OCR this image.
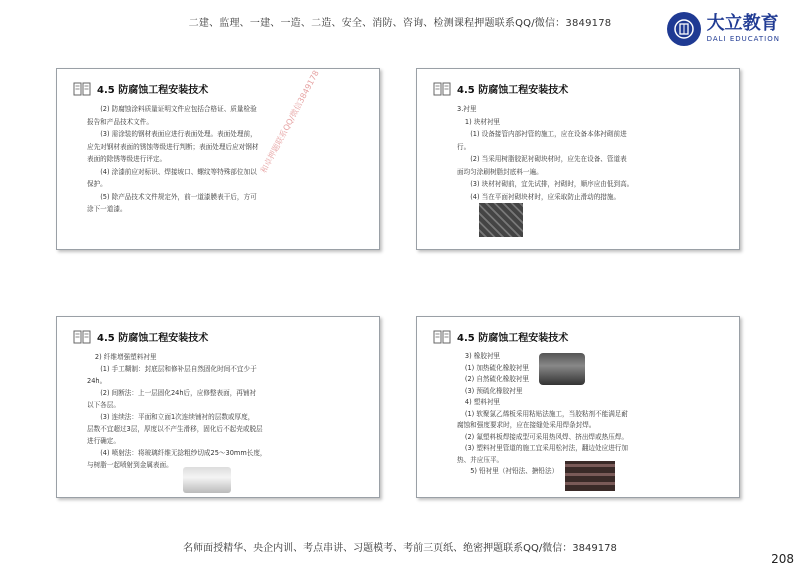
二建、监理、一建、一造、二造、安全、消防、咨询、检测课程押题联系QQ/微信：3849178	大立教育
DALI EDUCATION
4.5 防腐蚀工程安装技术

(2) 防腐蚀涂料质量证明文件应包括合格证、质量检验

报告和产品技术文件。

(3) 需涂装的钢材表面应进行表面处理。表面处理前，

应先对钢材表面的锈蚀等级进行判断；表面处理后应对钢材

表面的除锈等级进行评定。

(4) 涂漆前应对标识、焊接坡口、螺纹等特殊部位加以

保护。

(5) 除产品技术文件规定外，前一道漆膜表干后，方可

涂下一道漆。

4.5 防腐蚀工程安装技术

3.衬里

1) 块材衬里

(1) 设备接管内部衬管的施工，应在设备本体衬砌前进

行。

(2) 当采用树脂胶泥衬砌块材时，应先在设备、管道表

面均匀涂刷树脂封底料一遍。

(3) 块材衬砌前，宜先试排，衬砌时，顺序应由低到高。

(4) 当在平面衬砌块材时，应采取防止滑动的措施。

4.5 防腐蚀工程安装技术

2) 纤维增强塑料衬里

(1) 手工糊制：封底层和修补层自然固化时间不宜少于

24h。

(2) 间断法：上一层固化24h后，应修整表面，再铺衬

以下各层。

(3) 连续法：平面和立面1次连续铺衬的层数或厚度，

层数不宜超过3层，厚度以不产生滑移，固化后不起壳或脱层

进行确定。

(4) 喷射法：将玻璃纤维无捻粗纱切成25～30mm长度，

与树脂一起喷射到金属表面。

4.5 防腐蚀工程安装技术

3) 橡胶衬里

(1) 加热硫化橡胶衬里

(2) 自然硫化橡胶衬里

(3) 预硫化橡胶衬里

4) 塑料衬里

(1) 软聚氯乙烯板采用粘贴法施工，当胶粘剂不能满足耐

腐蚀和强度要求时，应在接缝处采用焊条封焊。

(2) 氟塑料板焊接成型可采用热风焊、挤出焊或热压焊。

(3) 塑料衬里管道的施工宜采用松衬法，翻边处应进行加

热、并应压平。

5) 铅衬里（衬铅法、搪铅法）

和卓押题联系QQ/微信3849178
名师面授精华、央企内训、考点串讲、习题模考、考前三页纸、绝密押题联系QQ/微信：3849178
208
